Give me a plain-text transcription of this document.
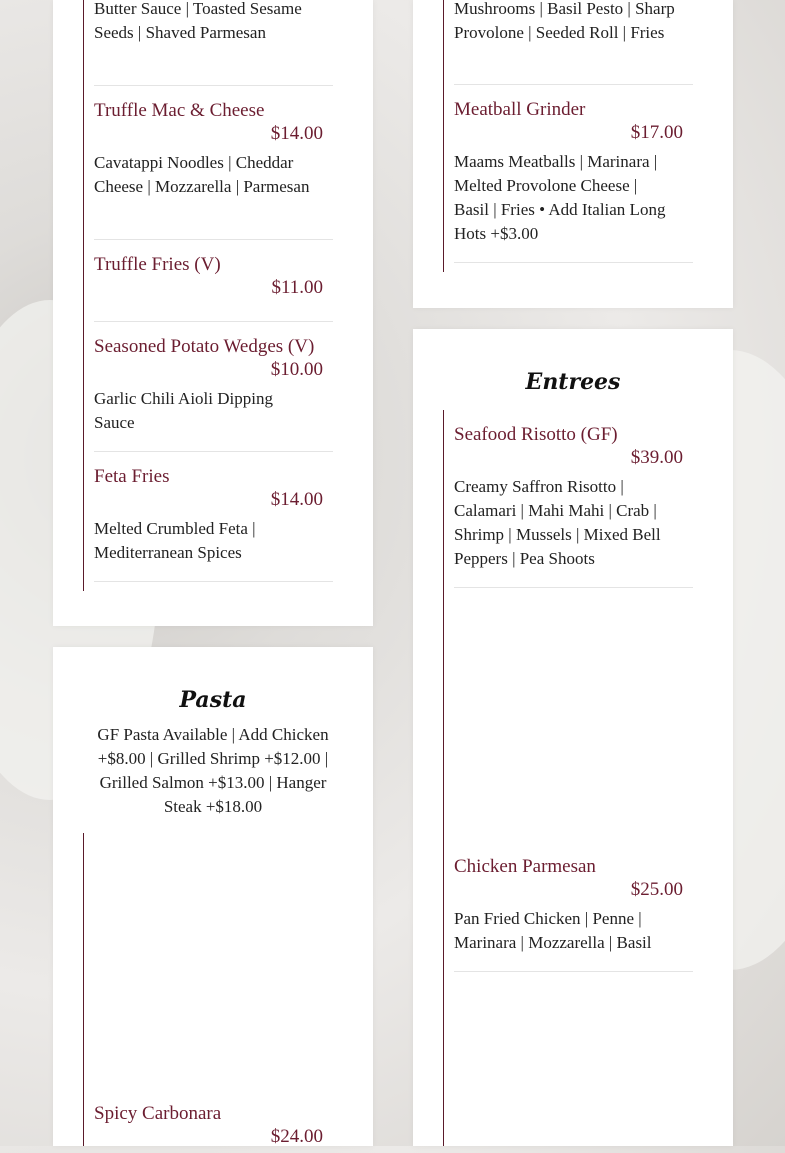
Butter Sauce | Toasted Sesame Seeds | Shaved Parmesan
Truffle Mac & Cheese
$14.00
Cavatappi Noodles | Cheddar Cheese | Mozzarella | Parmesan
Truffle Fries (V)
$11.00
Seasoned Potato Wedges (V)
$10.00
Garlic Chili Aioli Dipping Sauce
Feta Fries
$14.00
Melted Crumbled Feta | Mediterranean Spices
Mushrooms | Basil Pesto | Sharp Provolone | Seeded Roll | Fries
Meatball Grinder
$17.00
Maams Meatballs | Marinara | Melted Provolone Cheese | Basil | Fries • Add Italian Long Hots +$3.00
Pasta
GF Pasta Available | Add Chicken +$8.00 | Grilled Shrimp +$12.00 | Grilled Salmon +$13.00 | Hanger Steak +$18.00
Spicy Carbonara
$24.00
Entrees
Seafood Risotto (GF)
$39.00
Creamy Saffron Risotto | Calamari | Mahi Mahi | Crab | Shrimp | Mussels | Mixed Bell Peppers | Pea Shoots
Chicken Parmesan
$25.00
Pan Fried Chicken | Penne | Marinara | Mozzarella | Basil
